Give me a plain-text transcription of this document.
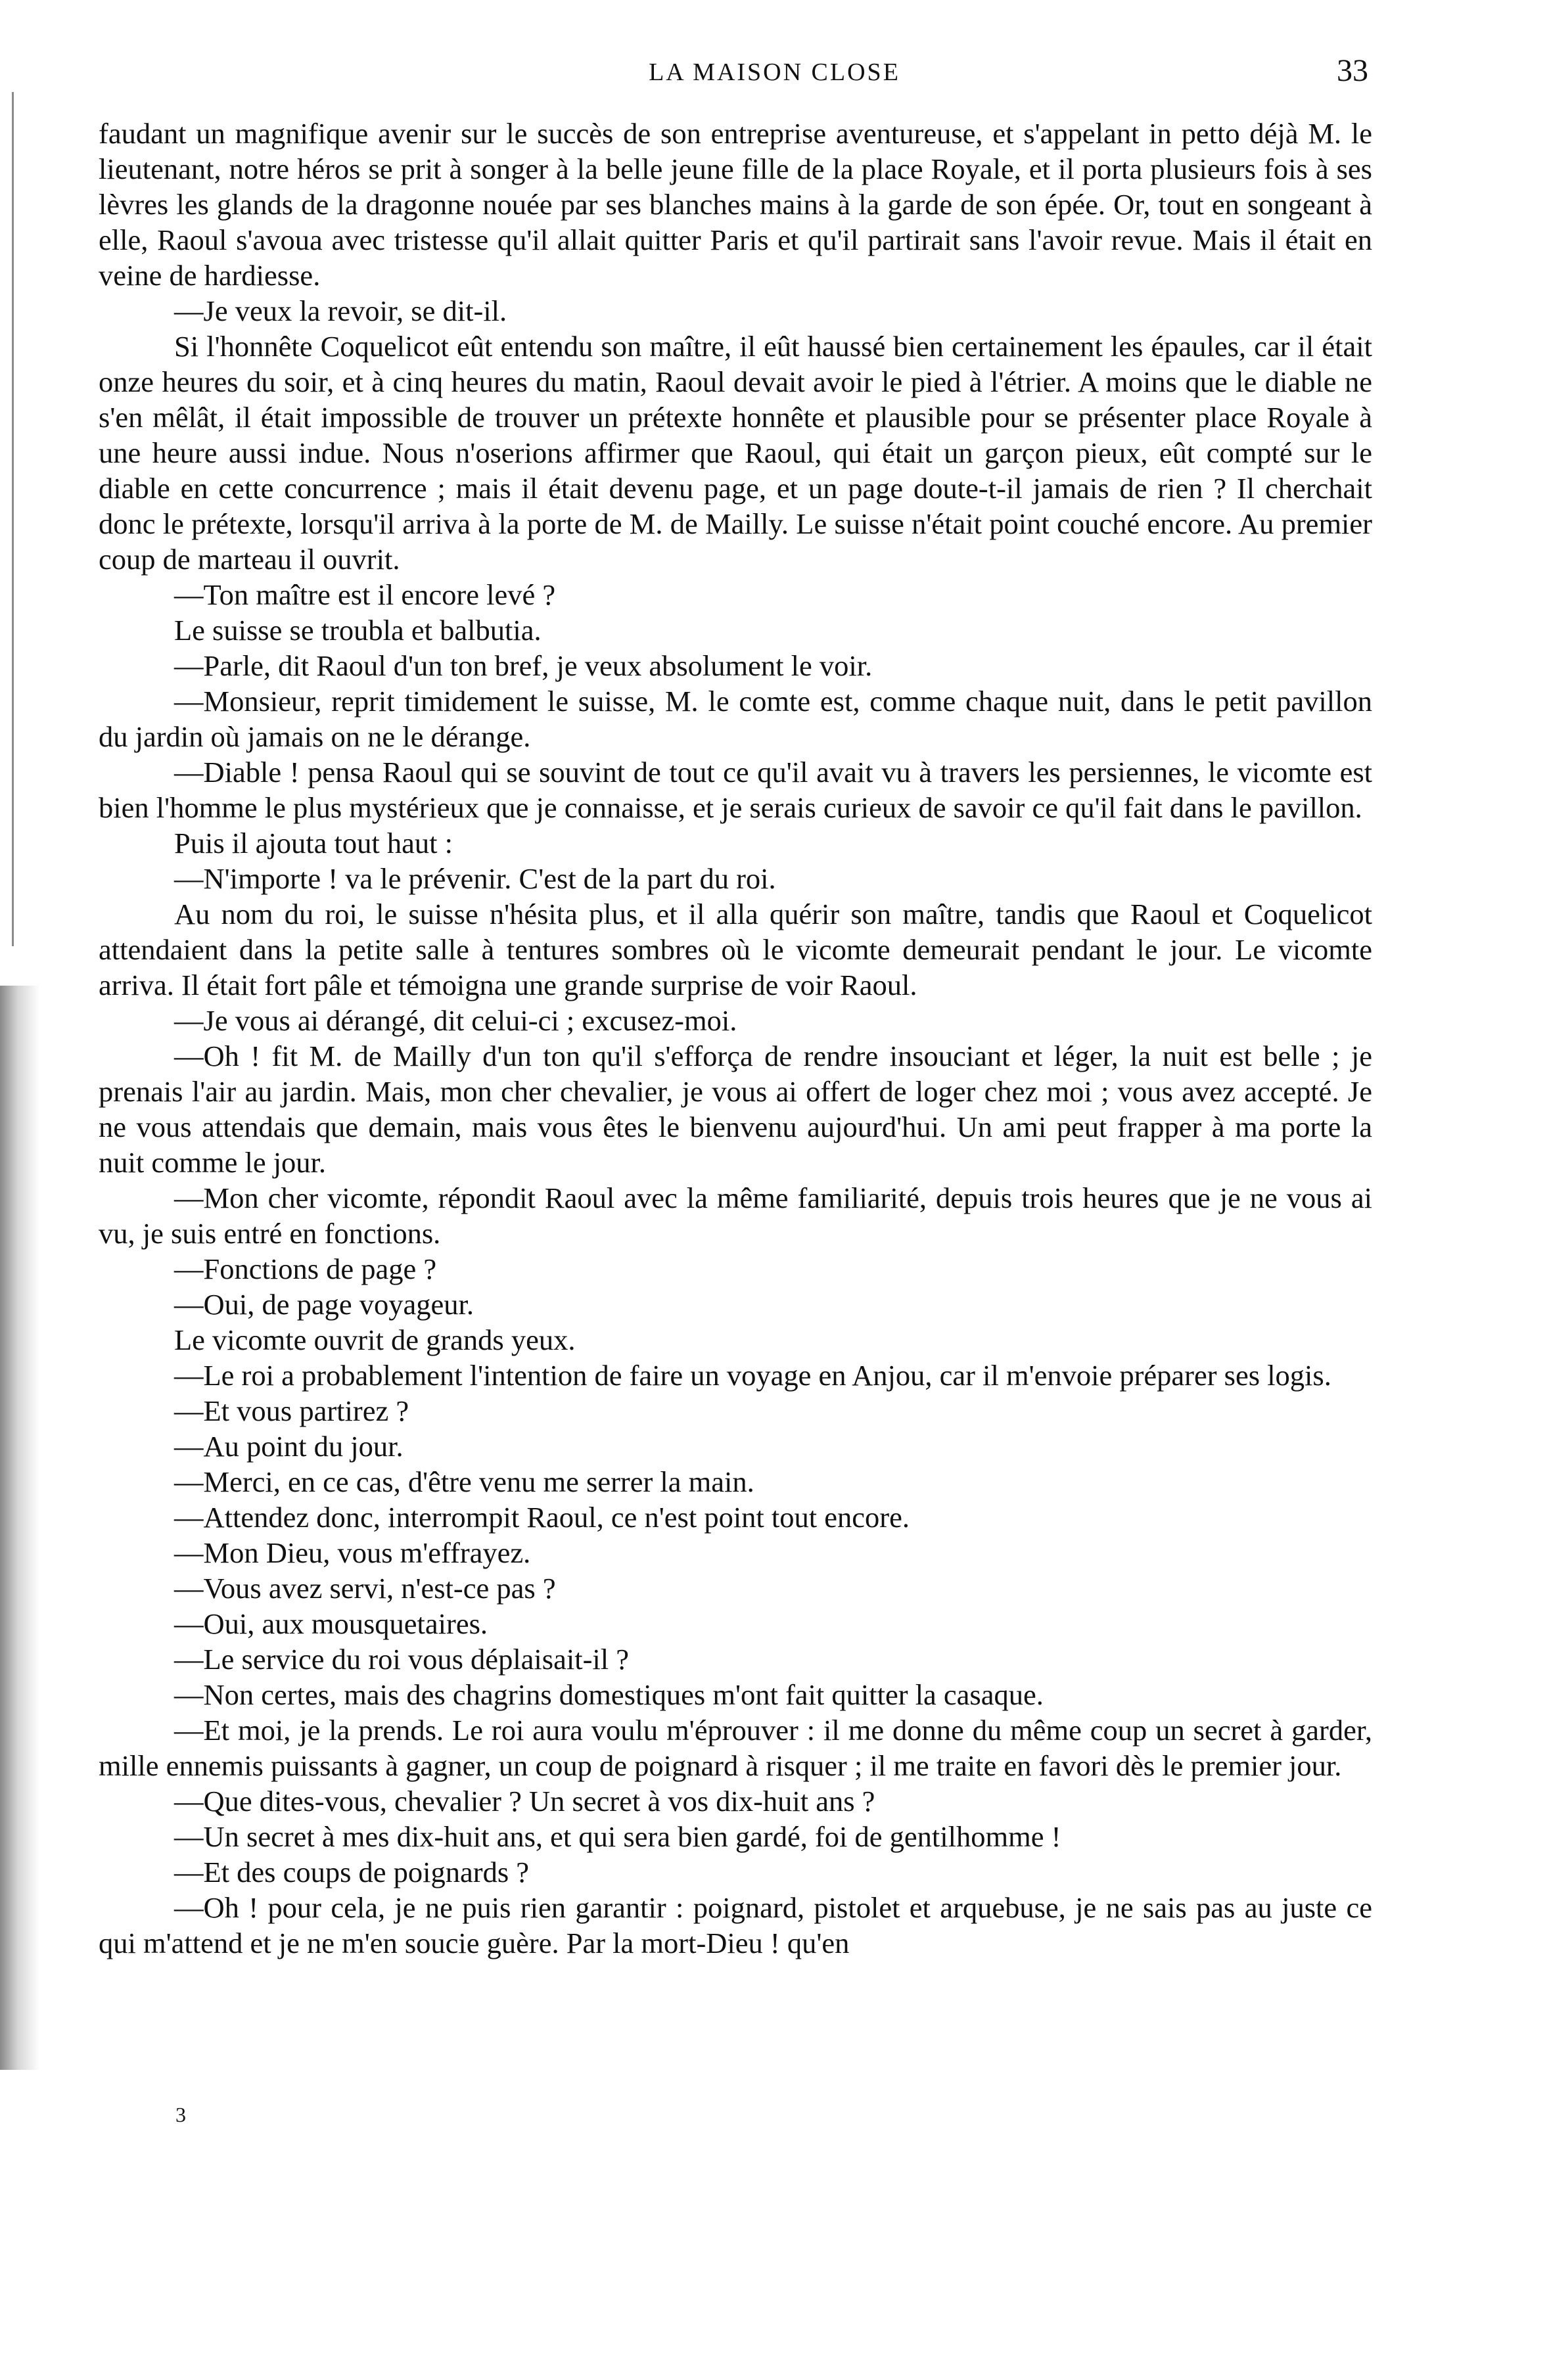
LA MAISON CLOSE	33

faudant un magnifique avenir sur le succès de son entreprise aventureuse, et s'appelant in petto déjà M. le lieutenant, notre héros se prit à songer à la belle jeune fille de la place Royale, et il porta plusieurs fois à ses lèvres les glands de la dragonne nouée par ses blanches mains à la garde de son épée. Or, tout en songeant à elle, Raoul s'avoua avec tristesse qu'il allait quitter Paris et qu'il partirait sans l'avoir revue. Mais il était en veine de hardiesse.

—Je veux la revoir, se dit-il.

Si l'honnête Coquelicot eût entendu son maître, il eût haussé bien certainement les épaules, car il était onze heures du soir, et à cinq heures du matin, Raoul devait avoir le pied à l'étrier. A moins que le diable ne s'en mêlât, il était impossible de trouver un prétexte honnête et plausible pour se présenter place Royale à une heure aussi indue. Nous n'oserions affirmer que Raoul, qui était un garçon pieux, eût compté sur le diable en cette concurrence ; mais il était devenu page, et un page doute-t-il jamais de rien ? Il cherchait donc le prétexte, lorsqu'il arriva à la porte de M. de Mailly. Le suisse n'était point couché encore. Au premier coup de marteau il ouvrit.

—Ton maître est il encore levé ?

Le suisse se troubla et balbutia.

—Parle, dit Raoul d'un ton bref, je veux absolument le voir.

—Monsieur, reprit timidement le suisse, M. le comte est, comme chaque nuit, dans le petit pavillon du jardin où jamais on ne le dérange.

—Diable ! pensa Raoul qui se souvint de tout ce qu'il avait vu à travers les persiennes, le vicomte est bien l'homme le plus mystérieux que je connaisse, et je serais curieux de savoir ce qu'il fait dans le pavillon.

Puis il ajouta tout haut :

—N'importe ! va le prévenir. C'est de la part du roi.

Au nom du roi, le suisse n'hésita plus, et il alla quérir son maître, tandis que Raoul et Coquelicot attendaient dans la petite salle à tentures sombres où le vicomte demeurait pendant le jour. Le vicomte arriva. Il était fort pâle et témoigna une grande surprise de voir Raoul.

—Je vous ai dérangé, dit celui-ci ; excusez-moi.

—Oh ! fit M. de Mailly d'un ton qu'il s'efforça de rendre insouciant et léger, la nuit est belle ; je prenais l'air au jardin. Mais, mon cher chevalier, je vous ai offert de loger chez moi ; vous avez accepté. Je ne vous attendais que demain, mais vous êtes le bienvenu aujourd'hui. Un ami peut frapper à ma porte la nuit comme le jour.

—Mon cher vicomte, répondit Raoul avec la même familiarité, depuis trois heures que je ne vous ai vu, je suis entré en fonctions.

—Fonctions de page ?

—Oui, de page voyageur.

Le vicomte ouvrit de grands yeux.

—Le roi a probablement l'intention de faire un voyage en Anjou, car il m'envoie préparer ses logis.

—Et vous partirez ?

—Au point du jour.

—Merci, en ce cas, d'être venu me serrer la main.

—Attendez donc, interrompit Raoul, ce n'est point tout encore.

—Mon Dieu, vous m'effrayez.

—Vous avez servi, n'est-ce pas ?

—Oui, aux mousquetaires.

—Le service du roi vous déplaisait-il ?

—Non certes, mais des chagrins domestiques m'ont fait quitter la casaque.

—Et moi, je la prends. Le roi aura voulu m'éprouver : il me donne du même coup un secret à garder, mille ennemis puissants à gagner, un coup de poignard à risquer ; il me traite en favori dès le premier jour.

—Que dites-vous, chevalier ? Un secret à vos dix-huit ans ?

—Un secret à mes dix-huit ans, et qui sera bien gardé, foi de gentilhomme !

—Et des coups de poignards ?

—Oh ! pour cela, je ne puis rien garantir : poignard, pistolet et arquebuse, je ne sais pas au juste ce qui m'attend et je ne m'en soucie guère. Par la mort-Dieu ! qu'en

3
